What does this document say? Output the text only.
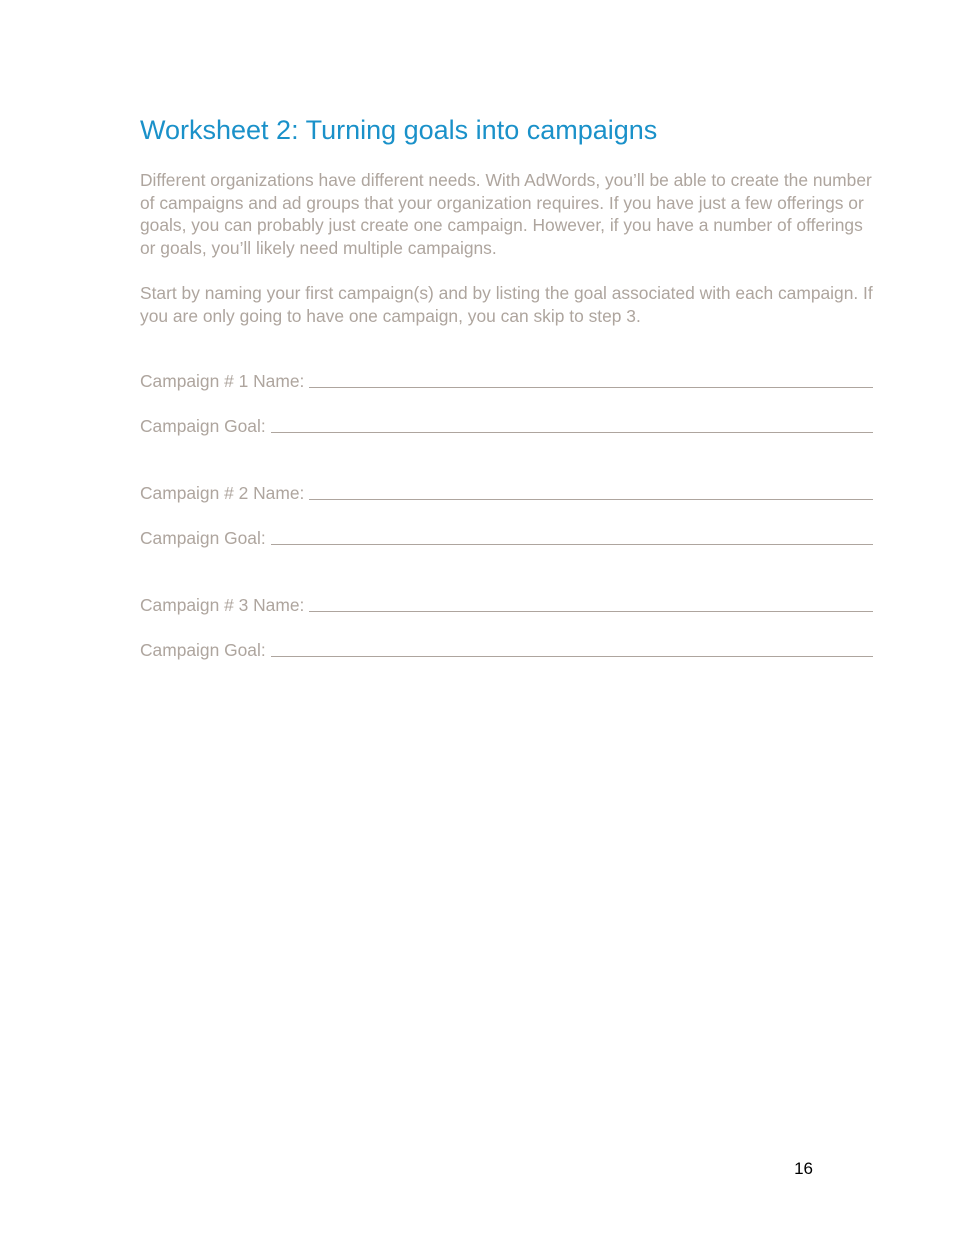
Worksheet 2: Turning goals into campaigns

Different organizations have different needs. With AdWords, you’ll be able to create the number of campaigns and ad groups that your organization requires. If you have just a few offerings or goals, you can probably just create one campaign. However, if you have a number of offerings or goals, you’ll likely need multiple campaigns.

Start by naming your first campaign(s) and by listing the goal associated with each campaign. If you are only going to have one campaign, you can skip to step 3.

Campaign # 1 Name:
Campaign Goal:
Campaign # 2 Name:
Campaign Goal:
Campaign # 3 Name:
Campaign Goal:
16
